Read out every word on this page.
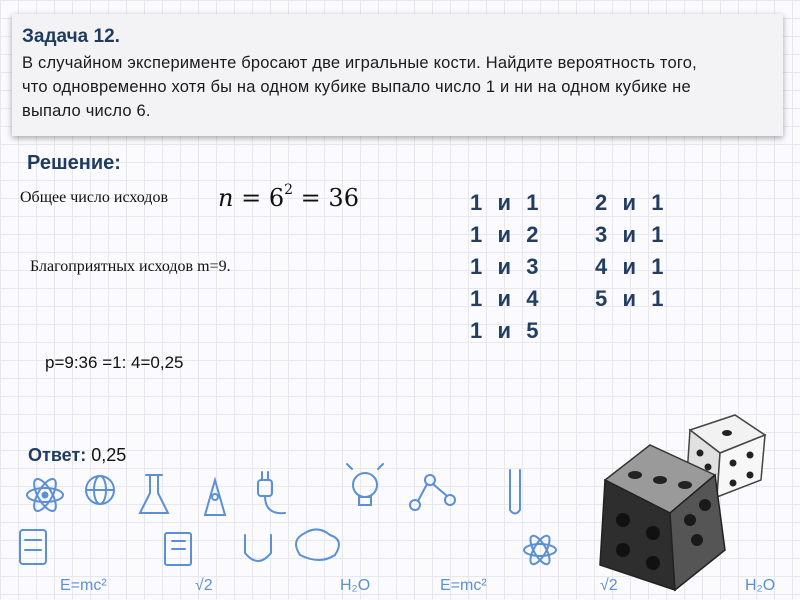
Задача 12.
В случайном эксперименте бросают две игральные кости. Найдите вероятность того,
что одновременно хотя бы на одном кубике выпало число 1 и ни на одном кубике не
выпало число 6.
Решение:
Общее число исходов $n = 6^2 = 36$
Благоприятных исходов m=9.
p=9:36 =1: 4=0,25
Ответ: 0,25
1  и  1
1  и  2
1  и  3
1  и  4
1  и  5
2  и  1
3  и  1
4  и  1
5  и  1
E=mc²	√2	H₂O	E=mc²	√2	H₂O
